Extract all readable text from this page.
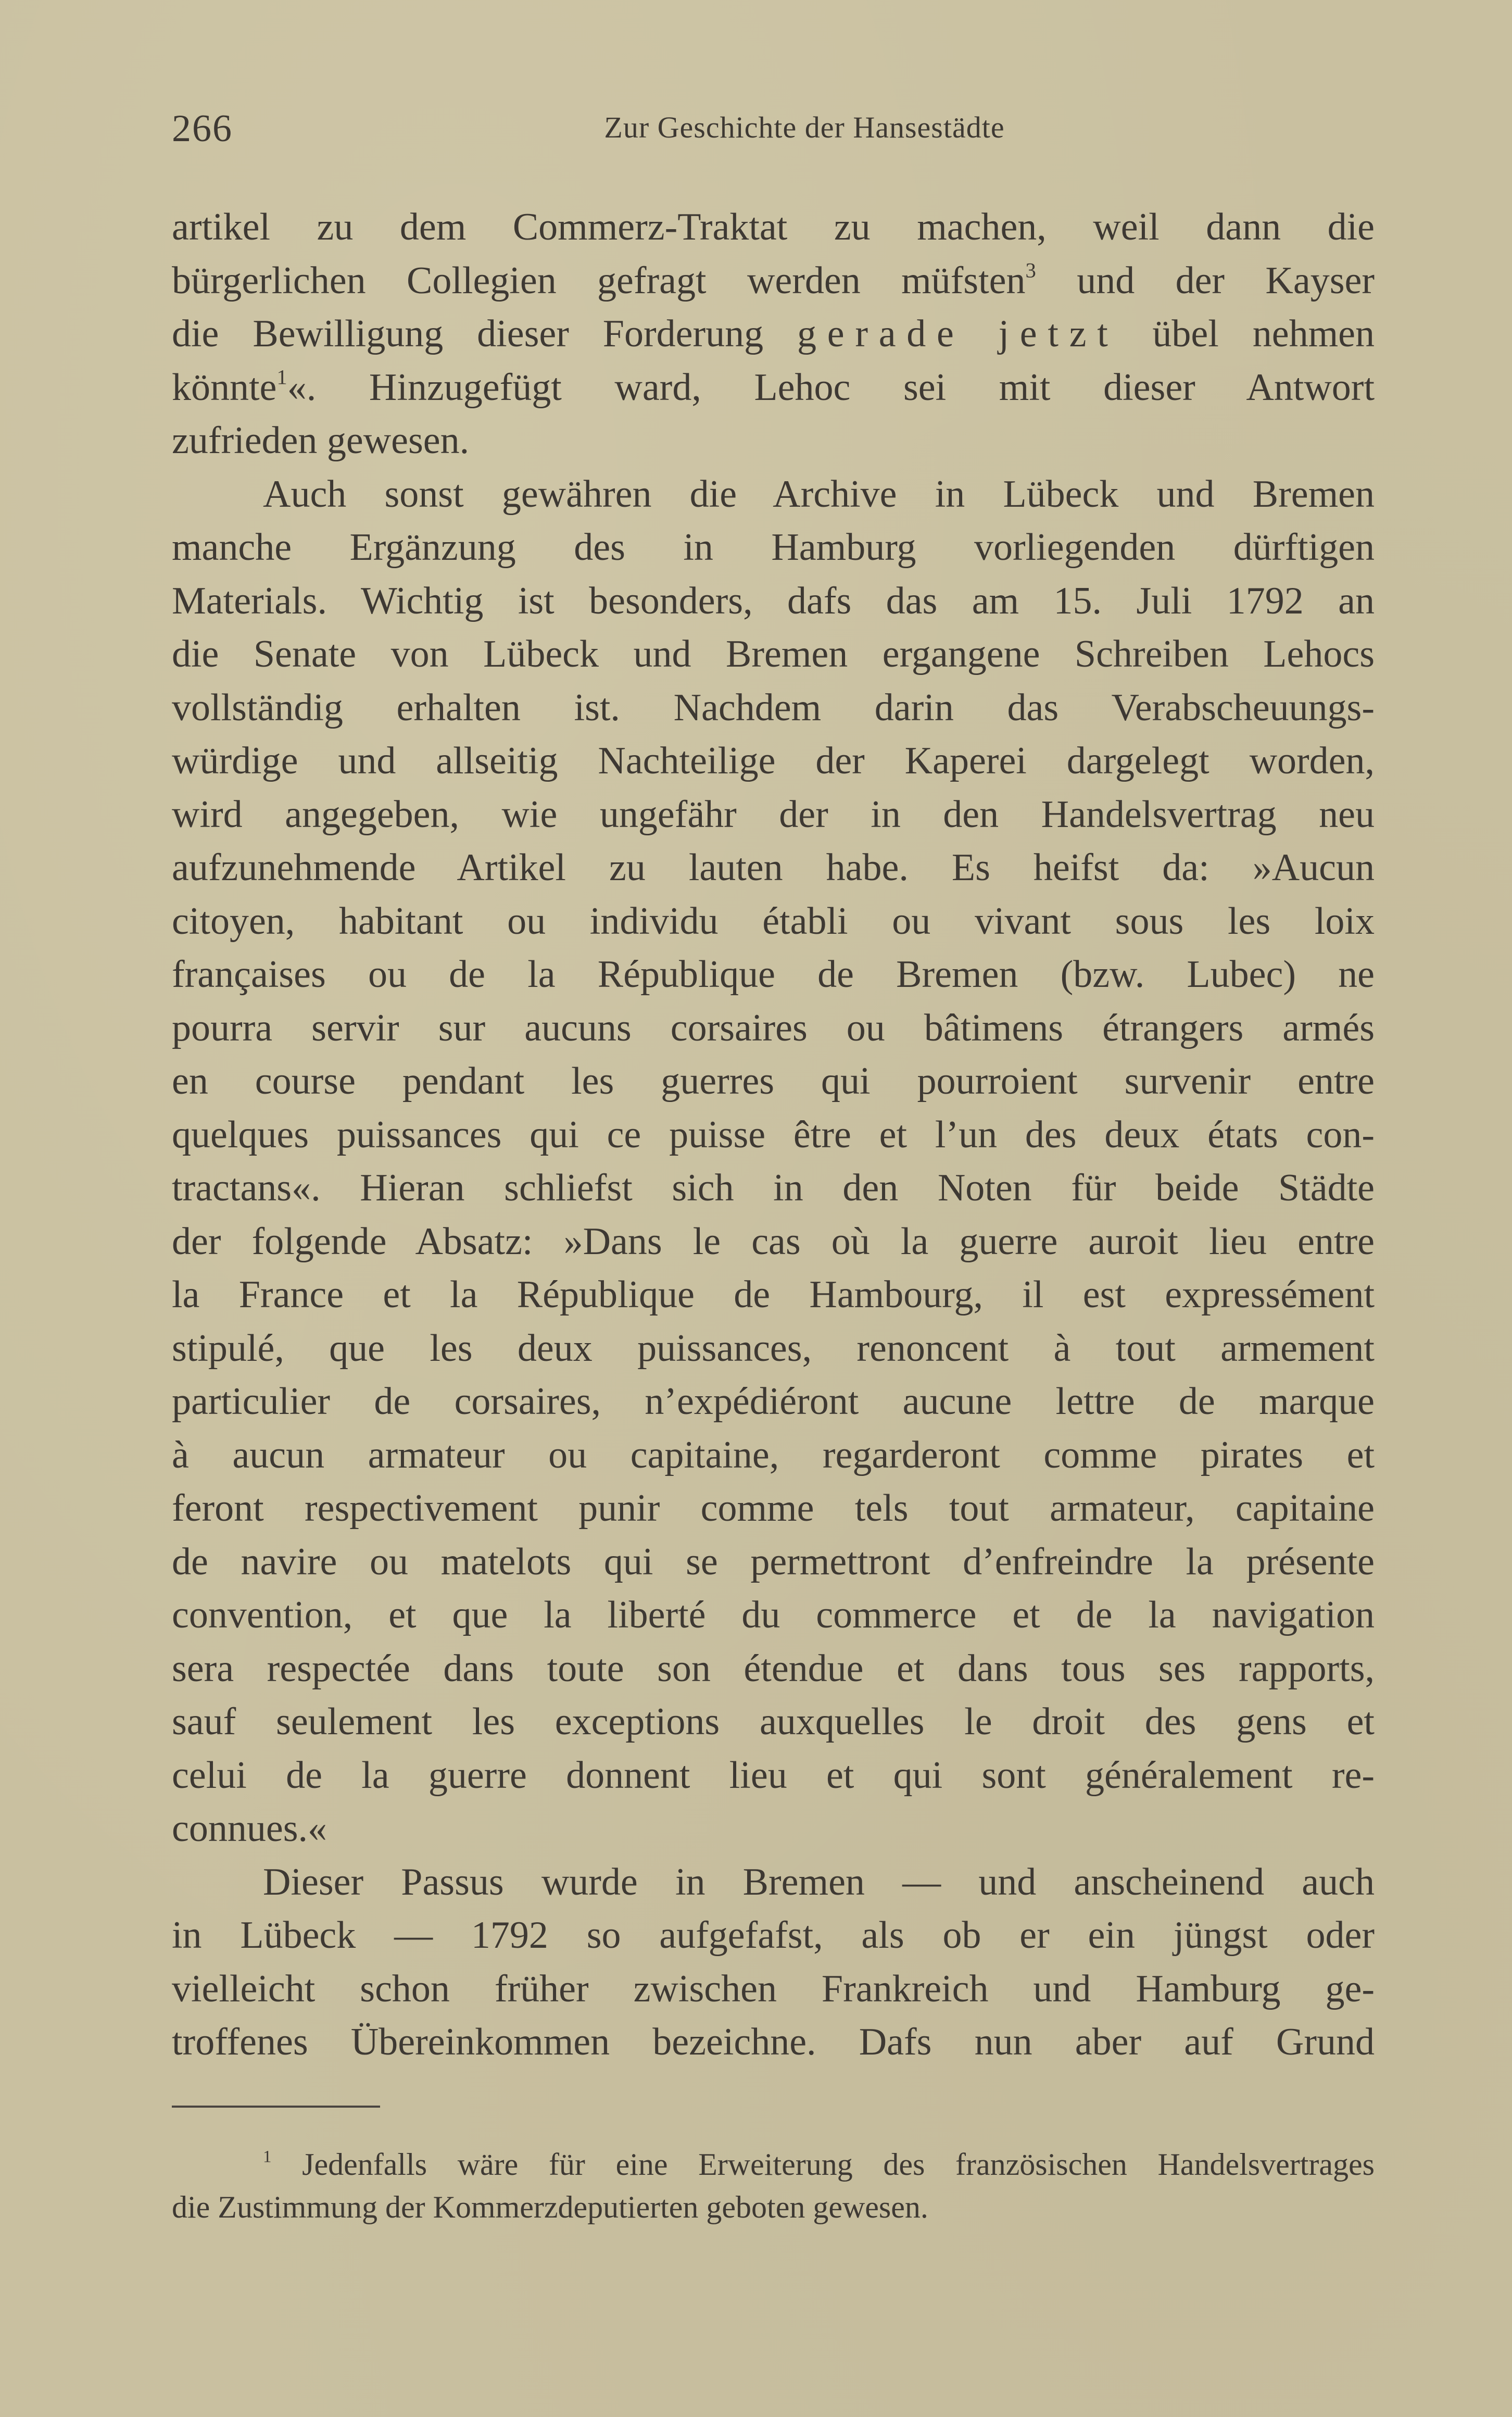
266	Zur Geschichte der Hansestädte
artikel zu dem Commerz-Traktat zu machen, weil dann die
bürgerlichen Collegien gefragt werden müfsten$^3$ und der Kayser
die Bewilligung dieser Forderung gerade jetzt übel nehmen
könnte$^1$«. Hinzugefügt ward, Lehoc sei mit dieser Antwort
zufrieden gewesen.
Auch sonst gewähren die Archive in Lübeck und Bremen
manche Ergänzung des in Hamburg vorliegenden dürftigen
Materials. Wichtig ist besonders, dafs das am 15. Juli 1792 an
die Senate von Lübeck und Bremen ergangene Schreiben Lehocs
vollständig erhalten ist. Nachdem darin das Verabscheuungs-
würdige und allseitig Nachteilige der Kaperei dargelegt worden,
wird angegeben, wie ungefähr der in den Handelsvertrag neu
aufzunehmende Artikel zu lauten habe. Es heifst da: »Aucun
citoyen, habitant ou individu établi ou vivant sous les loix
françaises ou de la République de Bremen (bzw. Lubec) ne
pourra servir sur aucuns corsaires ou bâtimens étrangers armés
en course pendant les guerres qui pourroient survenir entre
quelques puissances qui ce puisse être et l’un des deux états con-
tractans«. Hieran schliefst sich in den Noten für beide Städte
der folgende Absatz: »Dans le cas où la guerre auroit lieu entre
la France et la République de Hambourg, il est expressément
stipulé, que les deux puissances, renoncent à tout armement
particulier de corsaires, n’expédiéront aucune lettre de marque
à aucun armateur ou capitaine, regarderont comme pirates et
feront respectivement punir comme tels tout armateur, capitaine
de navire ou matelots qui se permettront d’enfreindre la présente
convention, et que la liberté du commerce et de la navigation
sera respectée dans toute son étendue et dans tous ses rapports,
sauf seulement les exceptions auxquelles le droit des gens et
celui de la guerre donnent lieu et qui sont généralement re-
connues.«
Dieser Passus wurde in Bremen — und anscheinend auch
in Lübeck — 1792 so aufgefafst, als ob er ein jüngst oder
vielleicht schon früher zwischen Frankreich und Hamburg ge-
troffenes Übereinkommen bezeichne. Dafs nun aber auf Grund
$^1$ Jedenfalls wäre für eine Erweiterung des französischen Handelsvertrages
die Zustimmung der Kommerzdeputierten geboten gewesen.
